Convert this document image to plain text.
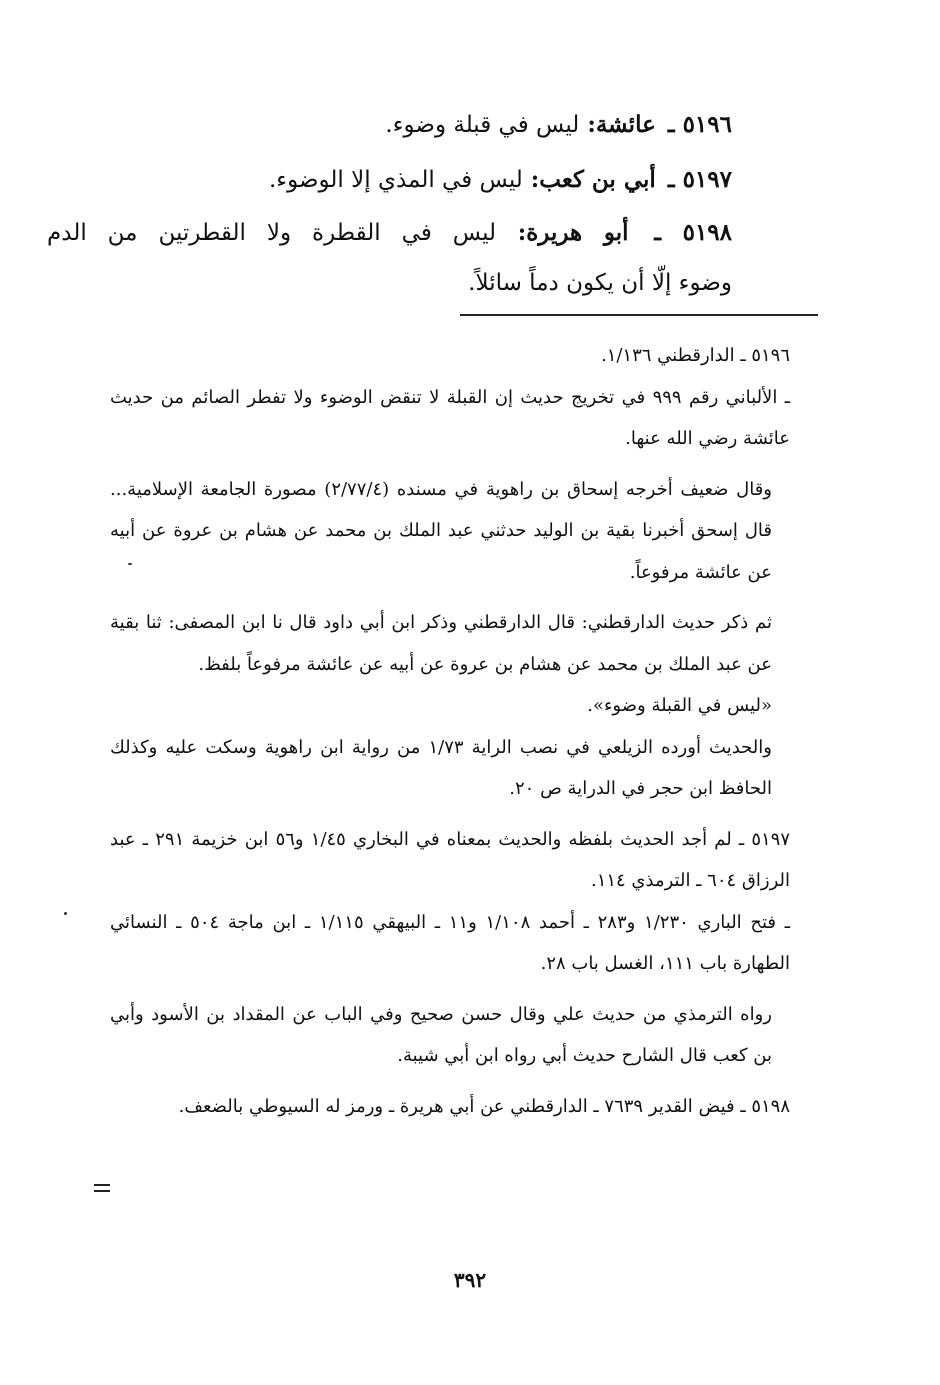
٥١٩٦ ـ عائشة: ليس في قبلة وضوء.
٥١٩٧ ـ أبي بن كعب: ليس في المذي إلا الوضوء.
٥١٩٨ ـ أبو هريرة: ليس في القطرة ولا القطرتين من الدم
وضوء إلّا أن يكون دماً سائلاً.

٥١٩٦ ـ الدارقطني ١/١٣٦.

ـ الألباني رقم ٩٩٩ في تخريج حديث إن القبلة لا تنقض الوضوء ولا تفطر الصائم من حديث عائشة رضي الله عنها.

وقال ضعيف أخرجه إسحاق بن راهوية في مسنده (٢/٧٧/٤) مصورة الجامعة الإسلامية... قال إسحق أخبرنا بقية بن الوليد حدثني عبد الملك بن محمد عن هشام بن عروة عن أبيه عن عائشة مرفوعاً.

ثم ذكر حديث الدارقطني: قال الدارقطني وذكر ابن أبي داود قال نا ابن المصفى: ثنا بقية عن عبد الملك بن محمد عن هشام بن عروة عن أبيه عن عائشة مرفوعاً بلفظ.

«ليس في القبلة وضوء».

والحديث أورده الزيلعي في نصب الراية ١/٧٣ من رواية ابن راهوية وسكت عليه وكذلك الحافظ ابن حجر في الدراية ص ٢٠.

٥١٩٧ ـ لم أجد الحديث بلفظه والحديث بمعناه في البخاري ١/٤٥ و٥٦ ابن خزيمة ٢٩١ ـ عبد الرزاق ٦٠٤ ـ الترمذي ١١٤.

ـ فتح الباري ١/٢٣٠ و٢٨٣ ـ أحمد ١/١٠٨ و١١ ـ البيهقي ١/١١٥ ـ ابن ماجة ٥٠٤ ـ النسائي الطهارة باب ١١١، الغسل باب ٢٨.

رواه الترمذي من حديث علي وقال حسن صحيح وفي الباب عن المقداد بن الأسود وأبي بن كعب قال الشارح حديث أبي رواه ابن أبي شيبة.

٥١٩٨ ـ فيض القدير ٧٦٣٩ ـ الدارقطني عن أبي هريرة ـ ورمز له السيوطي بالضعف.

٣٩٢
